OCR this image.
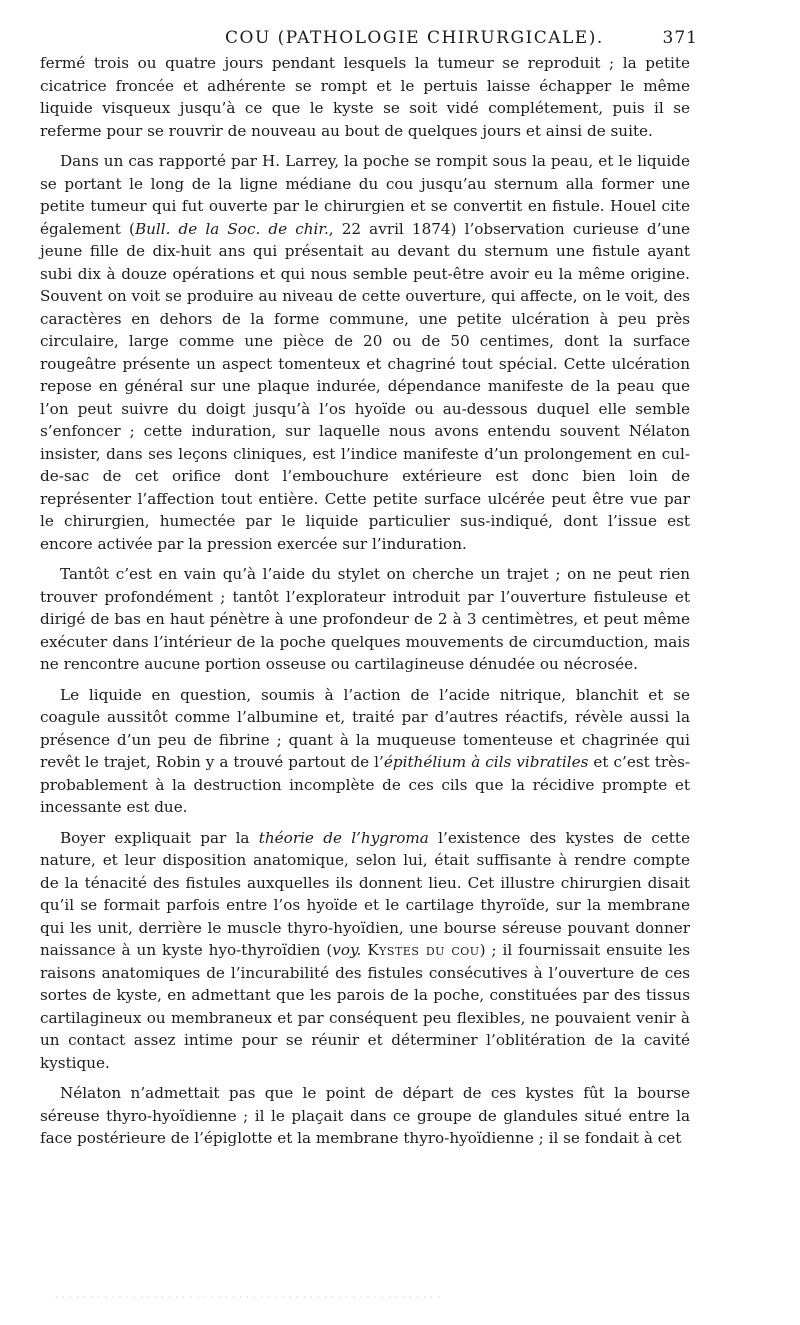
COU (PATHOLOGIE CHIRURGICALE).	371

fermé trois ou quatre jours pendant lesquels la tumeur se reproduit ; la petite cicatrice froncée et adhérente se rompt et le pertuis laisse échapper le même liquide visqueux jusqu’à ce que le kyste se soit vidé complétement, puis il se referme pour se rouvrir de nouveau au bout de quelques jours et ainsi de suite.

Dans un cas rapporté par H. Larrey, la poche se rompit sous la peau, et le liquide se portant le long de la ligne médiane du cou jusqu’au sternum alla former une petite tumeur qui fut ouverte par le chirurgien et se convertit en fistule. Houel cite également (Bull. de la Soc. de chir., 22 avril 1874) l’observation curieuse d’une jeune fille de dix-huit ans qui présentait au devant du sternum une fistule ayant subi dix à douze opérations et qui nous semble peut-être avoir eu la même origine. Souvent on voit se produire au niveau de cette ouverture, qui affecte, on le voit, des caractères en dehors de la forme commune, une petite ulcération à peu près circulaire, large comme une pièce de 20 ou de 50 centimes, dont la surface rougeâtre présente un aspect tomenteux et chagriné tout spécial. Cette ulcération repose en général sur une plaque indurée, dépendance manifeste de la peau que l’on peut suivre du doigt jusqu’à l’os hyoïde ou au-dessous duquel elle semble s’enfoncer ; cette induration, sur laquelle nous avons entendu souvent Nélaton insister, dans ses leçons cliniques, est l’indice manifeste d’un prolongement en cul-de-sac de cet orifice dont l’embouchure extérieure est donc bien loin de représenter l’affection tout entière. Cette petite surface ulcérée peut être vue par le chirurgien, humectée par le liquide particulier sus-indiqué, dont l’issue est encore activée par la pression exercée sur l’induration.

Tantôt c’est en vain qu’à l’aide du stylet on cherche un trajet ; on ne peut rien trouver profondément ; tantôt l’explorateur introduit par l’ouverture fistuleuse et dirigé de bas en haut pénètre à une profondeur de 2 à 3 centimètres, et peut même exécuter dans l’intérieur de la poche quelques mouvements de circumduction, mais ne rencontre aucune portion osseuse ou cartilagineuse dénudée ou nécrosée.

Le liquide en question, soumis à l’action de l’acide nitrique, blanchit et se coagule aussitôt comme l’albumine et, traité par d’autres réactifs, révèle aussi la présence d’un peu de fibrine ; quant à la muqueuse tomenteuse et chagrinée qui revêt le trajet, Robin y a trouvé partout de l’épithélium à cils vibratiles et c’est très-probablement à la destruction incomplète de ces cils que la récidive prompte et incessante est due.

Boyer expliquait par la théorie de l’hygroma l’existence des kystes de cette nature, et leur disposition anatomique, selon lui, était suffisante à rendre compte de la ténacité des fistules auxquelles ils donnent lieu. Cet illustre chirurgien disait qu’il se formait parfois entre l’os hyoïde et le cartilage thyroïde, sur la membrane qui les unit, derrière le muscle thyro-hyoïdien, une bourse séreuse pouvant donner naissance à un kyste hyo-thyroïdien (voy. Kystes du cou) ; il fournissait ensuite les raisons anatomiques de l’incurabilité des fistules consécutives à l’ouverture de ces sortes de kyste, en admettant que les parois de la poche, constituées par des tissus cartilagineux ou membraneux et par conséquent peu flexibles, ne pouvaient venir à un contact assez intime pour se réunir et déterminer l’oblitération de la cavité kystique.

Nélaton n’admettait pas que le point de départ de ces kystes fût la bourse séreuse thyro-hyoïdienne ; il le plaçait dans ce groupe de glandules situé entre la face postérieure de l’épiglotte et la membrane thyro-hyoïdienne ; il se fondait à cet

· · · · · · · · · · · · · · · · · · · · · · · · · · · · · · · · · · · · · · · · · · · · · · · · · · · · · · ·
